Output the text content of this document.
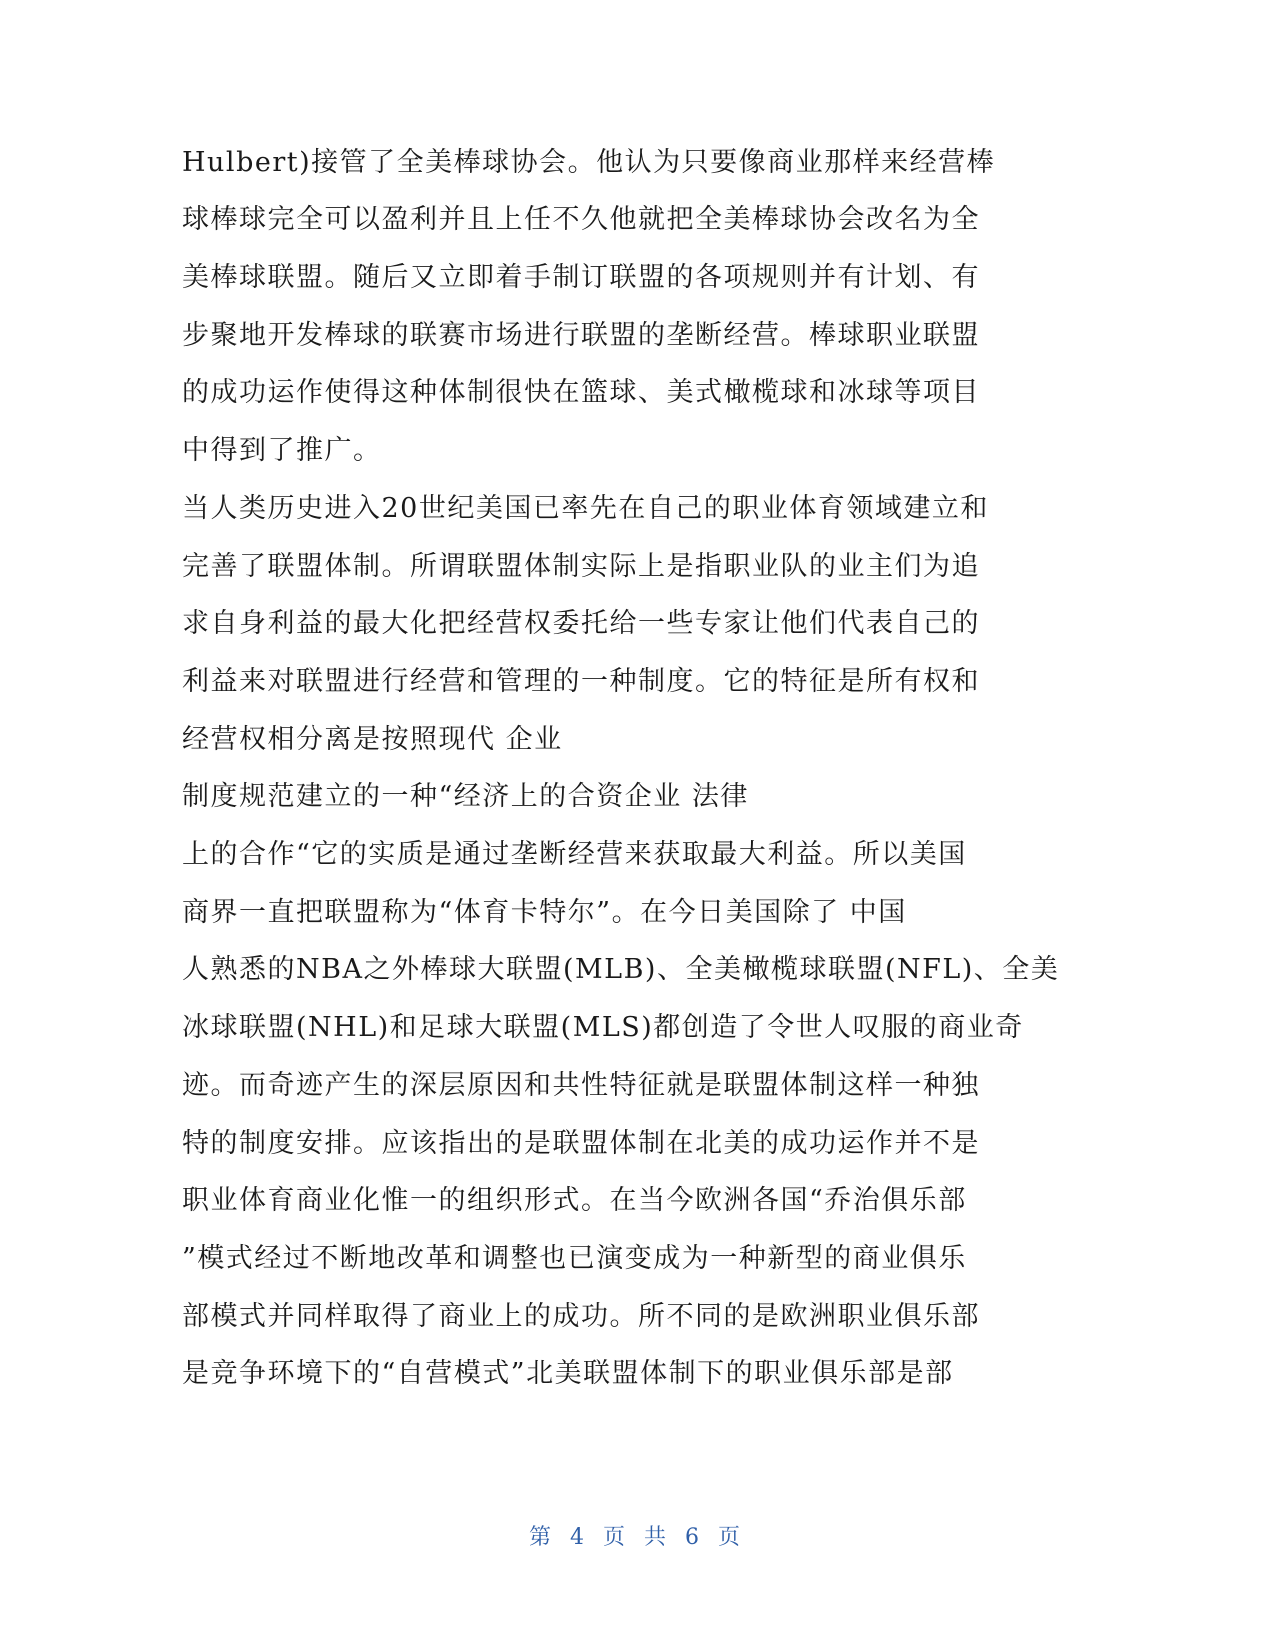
Hulbert)接管了全美棒球协会。他认为只要像商业那样来经营棒
球棒球完全可以盈利并且上任不久他就把全美棒球协会改名为全
美棒球联盟。随后又立即着手制订联盟的各项规则并有计划、有
步聚地开发棒球的联赛市场进行联盟的垄断经营。棒球职业联盟
的成功运作使得这种体制很快在篮球、美式橄榄球和冰球等项目
中得到了推广。
当人类历史进入20世纪美国已率先在自己的职业体育领域建立和
完善了联盟体制。所谓联盟体制实际上是指职业队的业主们为追
求自身利益的最大化把经营权委托给一些专家让他们代表自己的
利益来对联盟进行经营和管理的一种制度。它的特征是所有权和
经营权相分离是按照现代 企业
制度规范建立的一种“经济上的合资企业 法律
上的合作“它的实质是通过垄断经营来获取最大利益。所以美国
商界一直把联盟称为“体育卡特尔”。在今日美国除了 中国
人熟悉的NBA之外棒球大联盟(MLB)、全美橄榄球联盟(NFL)、全美
冰球联盟(NHL)和足球大联盟(MLS)都创造了令世人叹服的商业奇
迹。而奇迹产生的深层原因和共性特征就是联盟体制这样一种独
特的制度安排。应该指出的是联盟体制在北美的成功运作并不是
职业体育商业化惟一的组织形式。在当今欧洲各国“乔治俱乐部
”模式经过不断地改革和调整也已演变成为一种新型的商业俱乐
部模式并同样取得了商业上的成功。所不同的是欧洲职业俱乐部
是竞争环境下的“自营模式”北美联盟体制下的职业俱乐部是部
第 4 页 共 6 页
